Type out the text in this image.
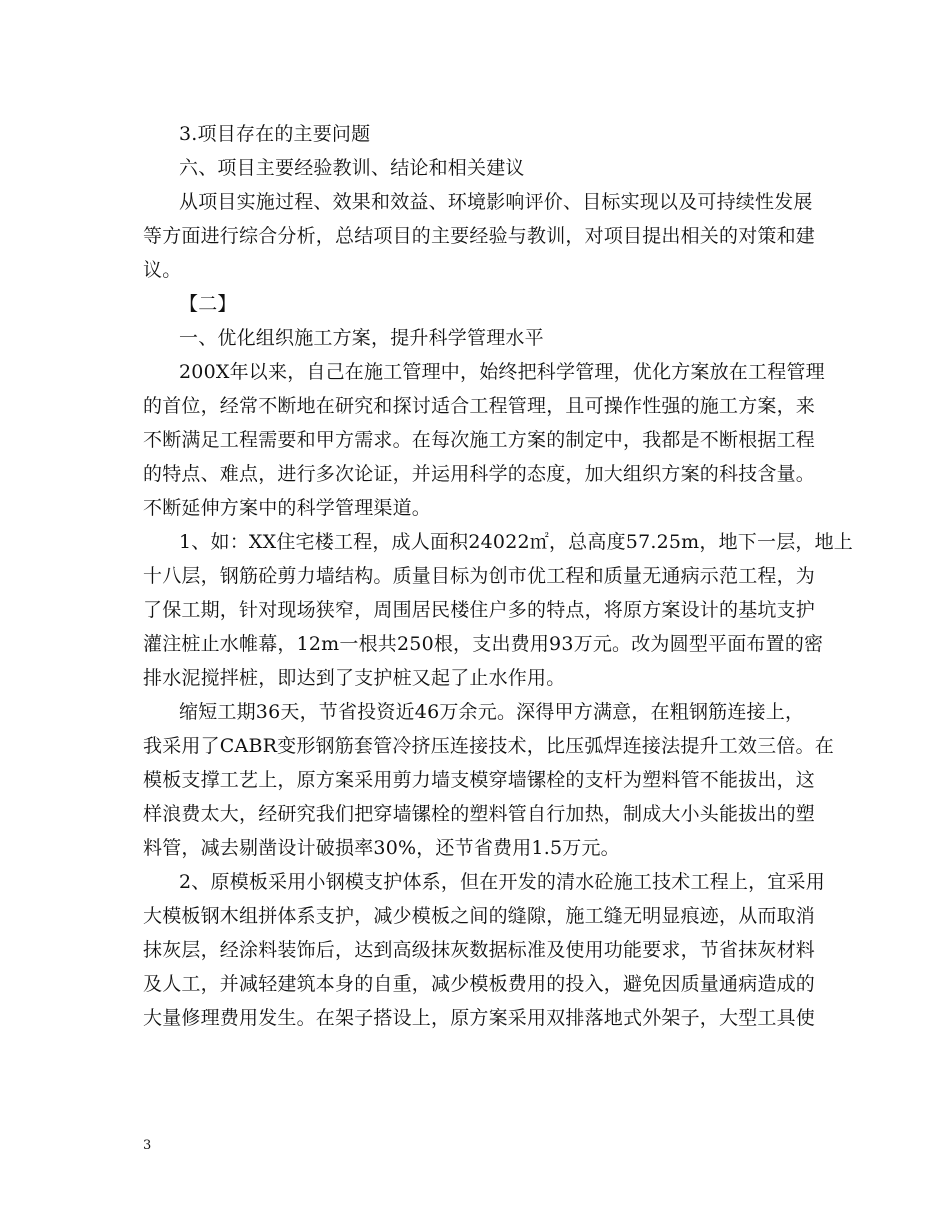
3.项目存在的主要问题
六、项目主要经验教训、结论和相关建议
从项目实施过程、效果和效益、环境影响评价、目标实现以及可持续性发展
等方面进行综合分析，总结项目的主要经验与教训，对项目提出相关的对策和建
议。
【二】
一、优化组织施工方案，提升科学管理水平
200X年以来，自己在施工管理中，始终把科学管理，优化方案放在工程管理
的首位，经常不断地在研究和探讨适合工程管理，且可操作性强的施工方案，来
不断满足工程需要和甲方需求。在每次施工方案的制定中，我都是不断根据工程
的特点、难点，进行多次论证，并运用科学的态度，加大组织方案的科技含量。
不断延伸方案中的科学管理渠道。
1、如：XX住宅楼工程，成人面积24022㎡，总高度57.25m，地下一层，地上
十八层，钢筋砼剪力墙结构。质量目标为创市优工程和质量无通病示范工程，为
了保工期，针对现场狭窄，周围居民楼住户多的特点，将原方案设计的基坑支护
灌注桩止水帷幕，12m一根共250根，支出费用93万元。改为圆型平面布置的密
排水泥搅拌桩，即达到了支护桩又起了止水作用。
缩短工期36天，节省投资近46万余元。深得甲方满意，在粗钢筋连接上，
我采用了CABR变形钢筋套管冷挤压连接技术，比压弧焊连接法提升工效三倍。在
模板支撑工艺上，原方案采用剪力墙支模穿墙镙栓的支杆为塑料管不能拔出，这
样浪费太大，经研究我们把穿墙镙栓的塑料管自行加热，制成大小头能拔出的塑
料管，减去剔凿设计破损率30%，还节省费用1.5万元。
2、原模板采用小钢模支护体系，但在开发的清水砼施工技术工程上，宜采用
大模板钢木组拼体系支护，减少模板之间的缝隙，施工缝无明显痕迹，从而取消
抹灰层，经涂料装饰后，达到高级抹灰数据标准及使用功能要求，节省抹灰材料
及人工，并减轻建筑本身的自重，减少模板费用的投入，避免因质量通病造成的
大量修理费用发生。在架子搭设上，原方案采用双排落地式外架子，大型工具使
3
